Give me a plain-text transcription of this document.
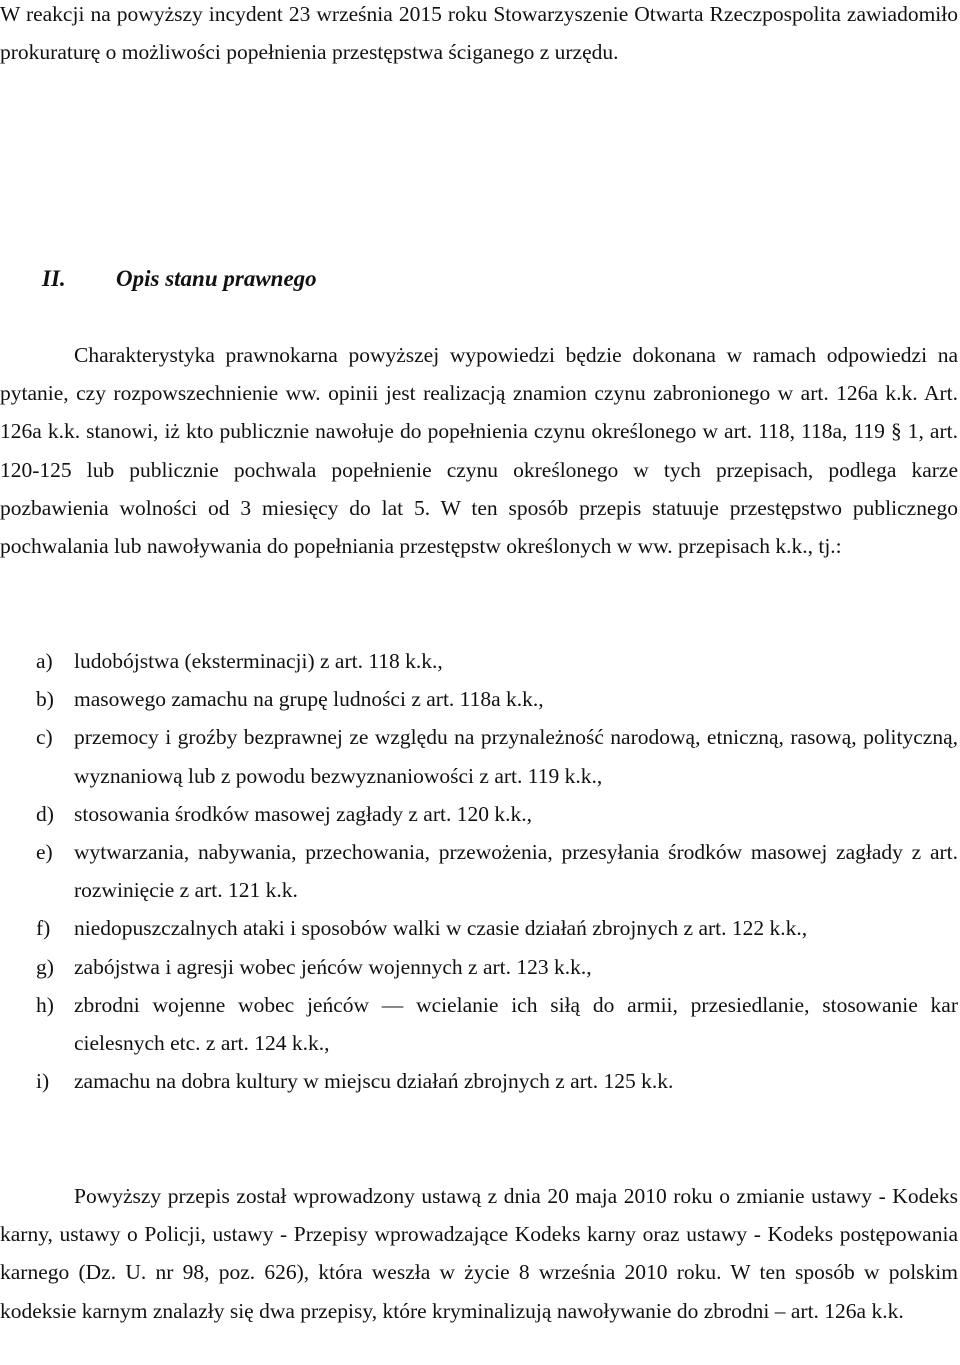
W reakcji na powyższy incydent 23 września 2015 roku Stowarzyszenie Otwarta Rzeczpospolita zawiadomiło prokuraturę o możliwości popełnienia przestępstwa ściganego z urzędu.

II. Opis stanu prawnego

Charakterystyka prawnokarna powyższej wypowiedzi będzie dokonana w ramach odpowiedzi na pytanie, czy rozpowszechnienie ww. opinii jest realizacją znamion czynu zabronionego w art. 126a k.k. Art. 126a k.k. stanowi, iż kto publicznie nawołuje do popełnienia czynu określonego w art. 118, 118a, 119 § 1, art. 120-125 lub publicznie pochwala popełnienie czynu określonego w tych przepisach, podlega karze pozbawienia wolności od 3 miesięcy do lat 5. W ten sposób przepis statuuje przestępstwo publicznego pochwalania lub nawoływania do popełniania przestępstw określonych w ww. przepisach k.k., tj.:

a) ludobójstwa (eksterminacji) z art. 118 k.k.,
b) masowego zamachu na grupę ludności z art. 118a k.k.,
c) przemocy i groźby bezprawnej ze względu na przynależność narodową, etniczną, rasową, polityczną, wyznaniową lub z powodu bezwyznaniowości z art. 119 k.k.,
d) stosowania środków masowej zagłady z art. 120 k.k.,
e) wytwarzania, nabywania, przechowania, przewożenia, przesyłania środków masowej zagłady z art. rozwinięcie z art. 121 k.k.
f) niedopuszczalnych ataki i sposobów walki w czasie działań zbrojnych z art. 122 k.k.,
g) zabójstwa i agresji wobec jeńców wojennych z art. 123 k.k.,
h) zbrodni wojenne wobec jeńców — wcielanie ich siłą do armii, przesiedlanie, stosowanie kar cielesnych etc. z art. 124 k.k.,
i) zamachu na dobra kultury w miejscu działań zbrojnych z art. 125 k.k.

Powyższy przepis został wprowadzony ustawą z dnia 20 maja 2010 roku o zmianie ustawy - Kodeks karny, ustawy o Policji, ustawy - Przepisy wprowadzające Kodeks karny oraz ustawy - Kodeks postępowania karnego (Dz. U. nr 98, poz. 626), która weszła w życie 8 września 2010 roku. W ten sposób w polskim kodeksie karnym znalazły się dwa przepisy, które kryminalizują nawoływanie do zbrodni – art. 126a k.k.
